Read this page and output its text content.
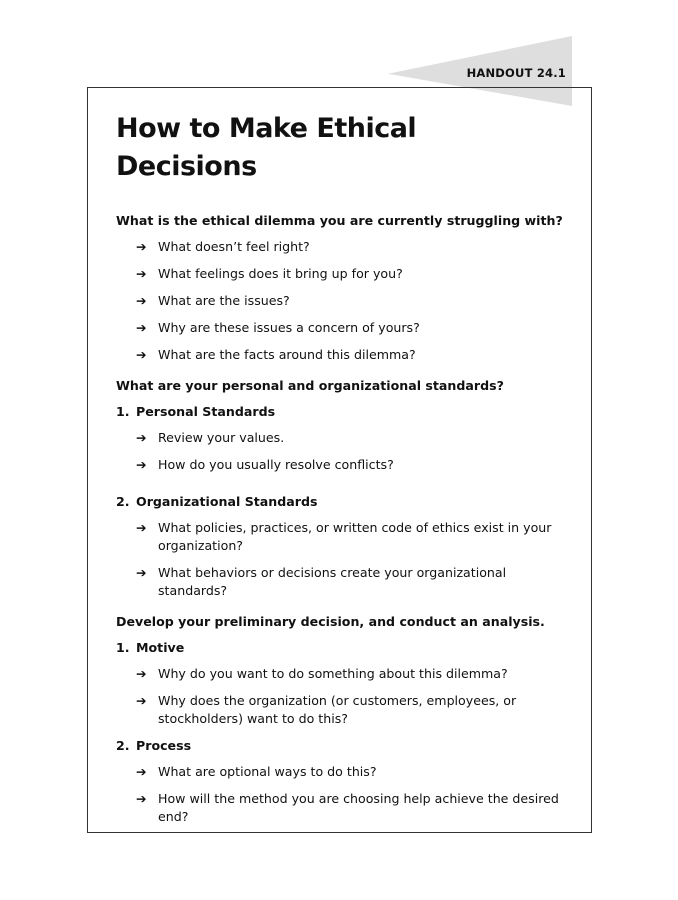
HANDOUT 24.1
How to Make Ethical Decisions
What is the ethical dilemma you are currently struggling with?
➔ What doesn’t feel right?
➔ What feelings does it bring up for you?
➔ What are the issues?
➔ Why are these issues a concern of yours?
➔ What are the facts around this dilemma?
What are your personal and organizational standards?
1. Personal Standards
➔ Review your values.
➔ How do you usually resolve conflicts?
2. Organizational Standards
➔ What policies, practices, or written code of ethics exist in your organization?
➔ What behaviors or decisions create your organizational standards?
Develop your preliminary decision, and conduct an analysis.
1. Motive
➔ Why do you want to do something about this dilemma?
➔ Why does the organization (or customers, employees, or stockholders) want to do this?
2. Process
➔ What are optional ways to do this?
➔ How will the method you are choosing help achieve the desired end?
